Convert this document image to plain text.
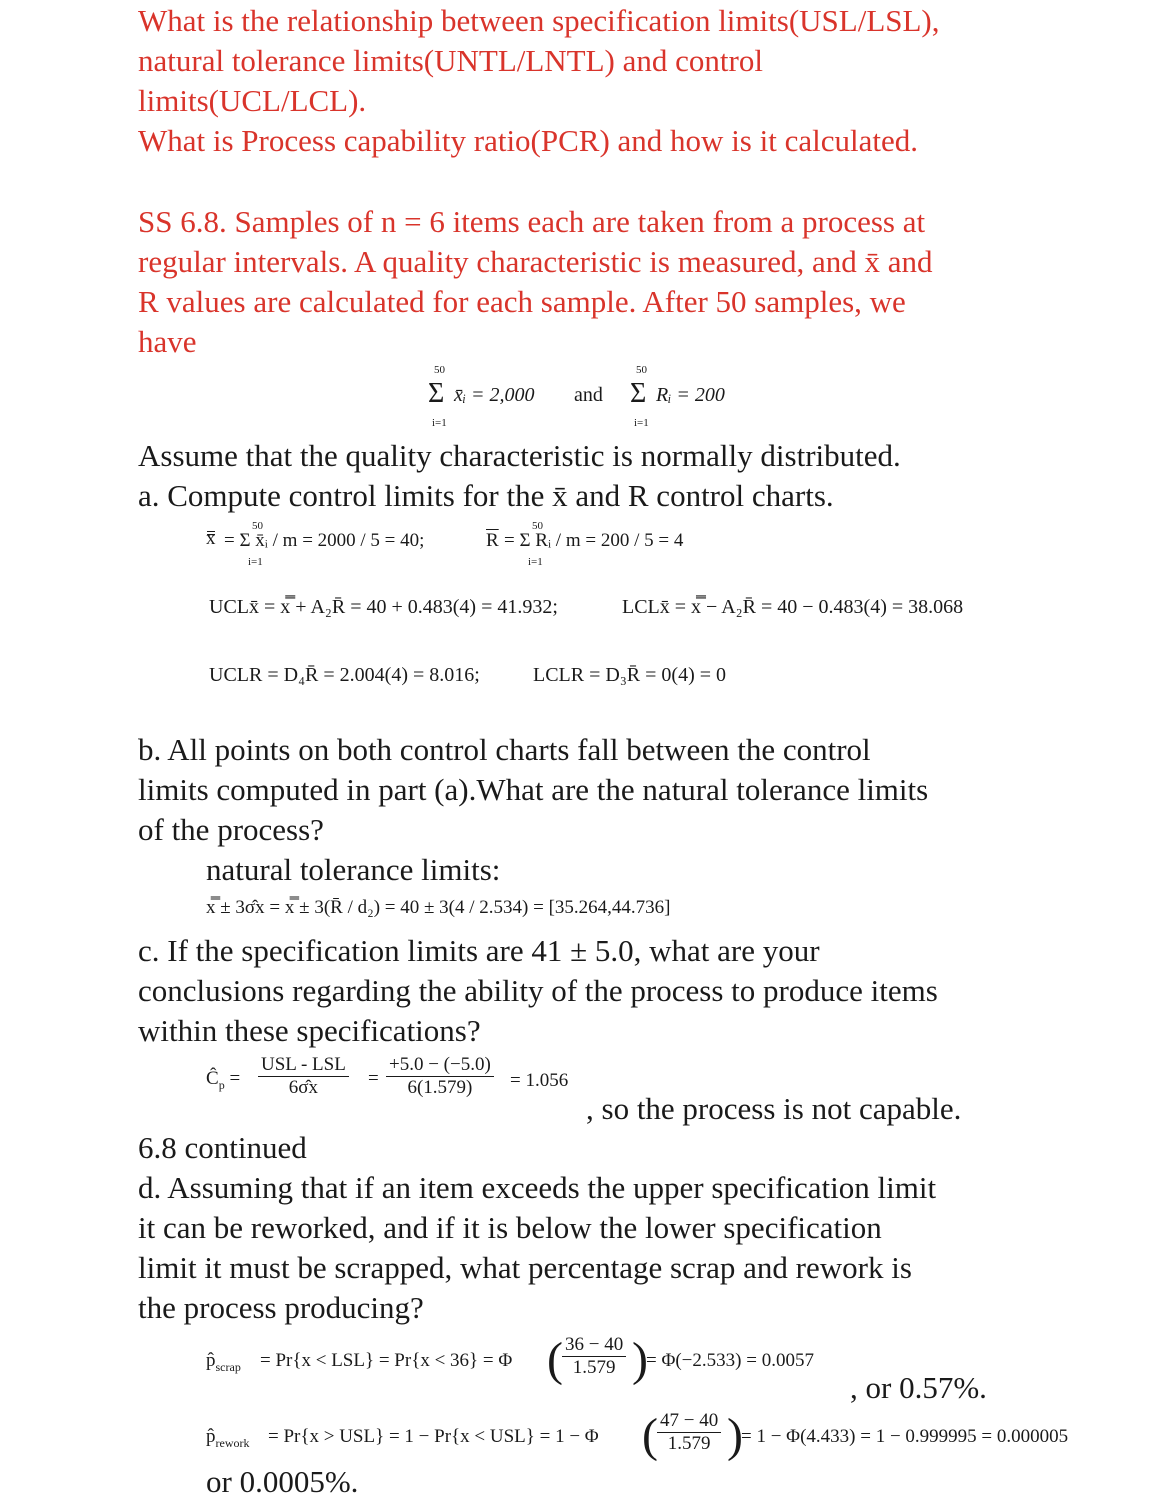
What is the relationship between specification limits(USL/LSL),
natural tolerance limits(UNTL/LNTL) and control
limits(UCL/LCL).
What is Process capability ratio(PCR) and how is it calculated.
SS 6.8. Samples of n = 6 items each are taken from a process at
regular intervals. A quality characteristic is measured, and x̄ and
R values are calculated for each sample. After 50 samples, we
have
50
Σ
i=1
x̄ᵢ = 2,000 and
50
Σ
i=1
Rᵢ = 200
Assume that the quality characteristic is normally distributed.
a. Compute control limits for the x̄ and R control charts.
x
50
i=1
= Σ x̄ᵢ / m = 2000 / 5 = 40;	$\overline{R}$
50
i=1
= Σ Rᵢ / m = 200 / 5 = 4
UCLx̄ = x̿ + A₂R̄ = 40 + 0.483(4) = 41.932;	LCLx̄ = x̿ − A₂R̄ = 40 − 0.483(4) = 38.068
UCLR = D₄R̄ = 2.004(4) = 8.016;	LCLR = D₃R̄ = 0(4) = 0
b. All points on both control charts fall between the control
limits computed in part (a).What are the natural tolerance limits
of the process?
natural tolerance limits:
x̿ ± 3σ̂x = x̿ ± 3(R̄ / d₂) = 40 ± 3(4 / 2.534) = [35.264,44.736]
c. If the specification limits are 41 ± 5.0, what are your
conclusions regarding the ability of the process to produce items
within these specifications?
$Ĉ_p$ =
USL - LSL
6σ̂x	= $\frac{+5.0 - (-5.0)}{6(1.579)} = 1.056$
, so the process is not capable.
6.8 continued
d. Assuming that if an item exceeds the upper specification limit
it can be reworked, and if it is below the lower specification
limit it must be scrapped, what percentage scrap and rework is
the process producing?
$p̂_{scrap} = Pr\{x < LSL\} = Pr\{x < 36\} = \Phi$ ( $\frac{36 - 40}{1.579}$ )
= Φ(−2.533) = 0.0057
, or 0.57%.
$p̂_{rework} = Pr\{x > USL\} = 1 - Pr\{x < USL\} = 1 - \Phi$ ( $\frac{47 - 40}{1.579}$ )
= 1 − Φ(4.433) = 1 − 0.999995 = 0.000005
or 0.0005%.
